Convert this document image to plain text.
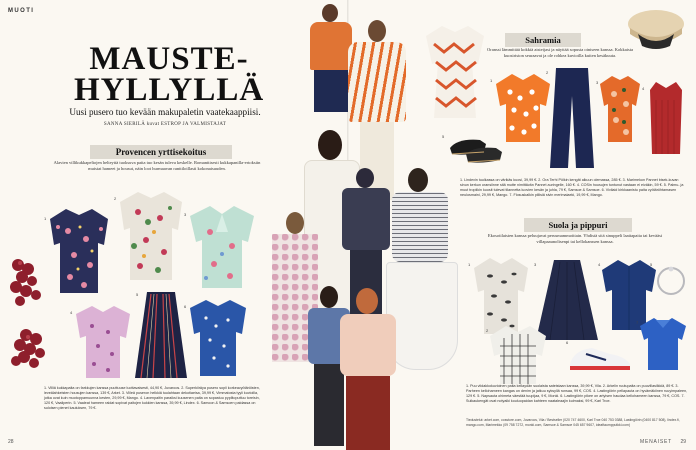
MUOTI
MAUSTE-
HYLLYLLÄ
Uusi pusero tuo kevään makupaletin vaatekaappiisi.
SANNA SIERILÄ kuvat ESTROP JA VALMISTAJAT
Provencen yrttisekoitus
Alavien villikukkapeltojen helteyttä tuoksuva paita tuo kesän tuleva keskelle. Romanttisesti kukkapanilla-ertoksiin muistat hameet ja housut, näin loot hurmaavan ranttiloillasti kokonaisuuden.
1
2
3
4
5
6
1. Villiä kukkapaita on farkkujen kanssa puuttuuse luottavaisesti, 44,90 €, Juvaroos. 2. Superkiiräya pusero sopii korkeavyötäröisten, leveälahkeisten housujen kanssa, 139 €, Arket. 3. Viileä puseron helkkiä tuulahtaan dekotiaeisa, 39,99 €, Vimmatosta tyyli kuvioilla, jotka ovat kuin muotoppamuunna kesten, 29,99 €, Mango. 4. Lavenpaitin paraiksi kuusenen paita on sopastuu pyplitoputtuu toreisin, 120 €, Vaaliperin. 5. Vaaleat hameen raidat sopivat paitojen kukkien kanssa, 39,99 €, Lindex. 6. Samoon & Samsoen paidassa on suloisen pienet kauluksen, 79 €.
28
Sahramia
Oranssi lämmittää kokkiä aisteijasi ja näyttää sopusta oiniseen kanssa. Kokkaista kuosiriston seuraavat ja ole rohkea kuvioilla kuiten kesäkuuta.
1
2
3
4
5
1. Lindexin tuulkassa on värikäs kuosi, 39,99 €. 2. Ora Terhi Pölkin kengät alkuun olemassa, 285 €. 3. Marimekon Pannet bisek-kuvan sinun kerkun oransiinne sitä mutte nimittävän Pannet auringelle, 160 €. 4. COSin housujen tuntunut vastaan ei eiväkin, 59 €. 5. Palmu- ja muut tropiikin kuosit tulevat tilannetta luovien kesän ja juhla, 79 €, Samsoe & Samsoe. 6. Vivilaid kirkkaanistu paita vyötäröhtamasen neulosmaini, 29,99 €, Mango. 7. Flosuskalkin piilisiä sivin merimaiaeki, 19,99 €, Mango.
Suola ja pippuri
Ekosotilaisten kanssa peluujavat perusmammoittain. Yhdistä sitä sinuppeli laattapaita tai kevääsi villapaaunolisenpi tai kellokanssen kanssa.
1	3	4	5
2
6
7
1. Puu viidakkokuvioinen paita kellaydän suolaista sateistaan kanssa, 39,99 €, Vila. 2. Arkelin ruutupaita on puuvillasilkkiä, 89 €. 3. Parheen kellohameen kangas on denim ja jatkuu syksyllä runsaa, 99 €, COS. 4. Lastingiörin pellapauta on hyvämäkiinen ruuyimpaleen, 129 €. 5. Napsauta ohimeta väestää tuupijaa, 9 €, Monki. 6. Lastingiörin pikee on artyisen haudaa kellohameen kanssa, 79 €, COS. 7. Suikaukengät ovat notyaiki kouluopaidan kahteen naataleaajin kulmaksi, 99 €, Karl Troe.
Tiedustelut: arket.com, cosstore.com, Juvaroos, Vila / Bestseller (020 747 4600, Karl Troe 040 753 0388, Lastingiörin (0400 817 508), lindex.fi, mango.com, Marimekko (09 758 7272, monki.com, Samsoe & Samsoe 045 657 9607, ideaftaumpputkki.com)
MENAISET 29
